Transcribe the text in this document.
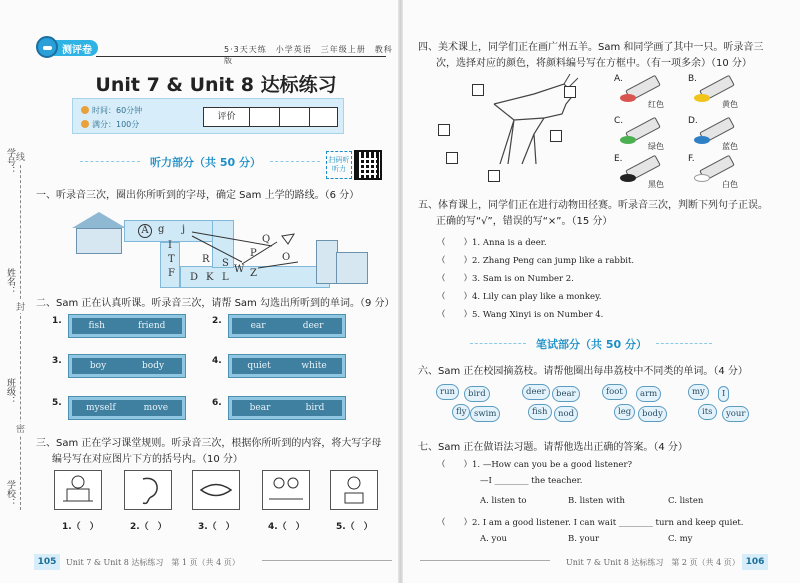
学号：
姓名：
班级：
学校：
线
封
密
测评卷	5·3天天练　小学英语　三年级上册　教科版
Unit 7 & Unit 8 达标练习
时间：60分钟
满分：100分
评价
听力部分（共 50 分）	扫码听听力
一、听录音三次，圈出你所听到的字母，确定 Sam 上学的路线。（6 分）
A g j
I
T	R
Q
F
S
W
D K L Z
P	O
二、Sam 正在认真听课。听录音三次，请帮 Sam 勾选出所听到的单词。（9 分）
1.	fish	friend	2.	ear	deer
3.	boy	body	4.	quiet	white
5.	myself	move	6.	bear	bird
三、Sam 正在学习课堂规则。听录音三次，根据你所听到的内容，将大写字母
编号写在对应图片下方的括号内。（10 分）
1.（　）	2.（　）	3.（　）	4.（　）	5.（　）
105	Unit 7 & Unit 8 达标练习　第 1 页（共 4 页）
四、美术课上，同学们正在画广州五羊。Sam 和同学画了其中一只。听录音三
次，选择对应的颜色，将颜料编号写在方框中。（有一项多余）（10 分）
A.
红色
B.
黄色
C.
绿色
D.
蓝色
E.
黑色
F.
白色
五、体育课上，同学们正在进行动物田径赛。听录音三次，判断下列句子正误。
正确的写“√”，错误的写“×”。（15 分）
（ ）1. Anna is a deer.
（ ）2. Zhang Peng can jump like a rabbit.
（ ）3. Sam is on Number 2.
（ ）4. Lily can play like a monkey.
（ ）5. Wang Xinyi is on Number 4.
笔试部分（共 50 分）
六、Sam 正在校园摘荔枝。请帮他圈出每串荔枝中不同类的单词。（4 分）
run	bird
fly swim
deer	bear
fish	nod
foot	arm
leg	body
my	I
its	your
七、Sam 正在做语法习题。请帮他选出正确的答案。（4 分）
（ ）1. —How can you be a good listener?
—I ________ the teacher.
A. listen to	B. listen with	C. listen
（ ）2. I am a good listener. I can wait ________ turn and keep quiet.
A. you	B. your	C. my
Unit 7 & Unit 8 达标练习　第 2 页（共 4 页） 106
